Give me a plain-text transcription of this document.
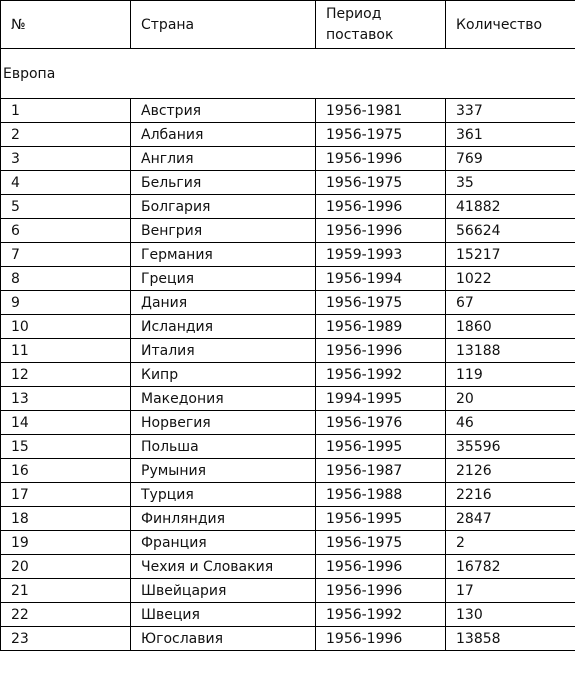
№	Страна	Период поставок	Количество
Европа			
1	Австрия	1956-1981	337
2	Албания	1956-1975	361
3	Англия	1956-1996	769
4	Бельгия	1956-1975	35
5	Болгария	1956-1996	41882
6	Венгрия	1956-1996	56624
7	Германия	1959-1993	15217
8	Греция	1956-1994	1022
9	Дания	1956-1975	67
10	Исландия	1956-1989	1860
11	Италия	1956-1996	13188
12	Кипр	1956-1992	119
13	Македония	1994-1995	20
14	Норвегия	1956-1976	46
15	Польша	1956-1995	35596
16	Румыния	1956-1987	2126
17	Турция	1956-1988	2216
18	Финляндия	1956-1995	2847
19	Франция	1956-1975	2
20	Чехия и Словакия	1956-1996	16782
21	Швейцария	1956-1996	17
22	Швеция	1956-1992	130
23	Югославия	1956-1996	13858
